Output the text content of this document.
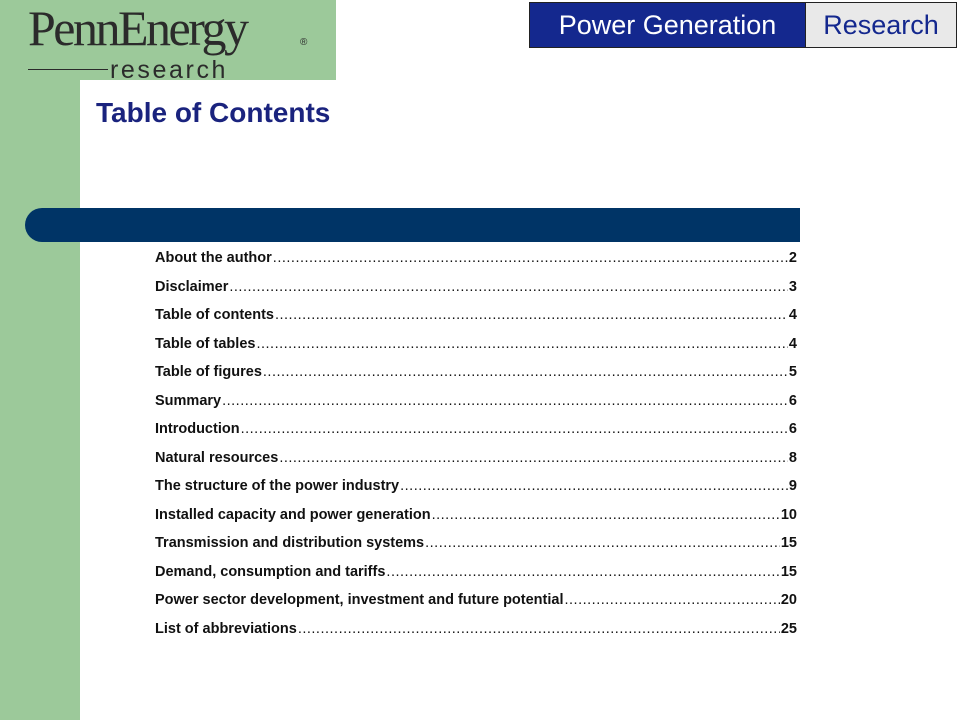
PennEnergy	®
research
Power Generation	Research
Table of Contents
About the author .....	2
Disclaimer .....	3
Table of contents .....	4
Table of tables .....	4
Table of figures .....	5
Summary .....	6
Introduction .....	6
Natural resources .....	8
The structure of the power industry .....	9
Installed capacity and power generation .....	10
Transmission and distribution systems .....	15
Demand, consumption and tariffs .....	15
Power sector development, investment and future potential .....	20
List of abbreviations .....	25
